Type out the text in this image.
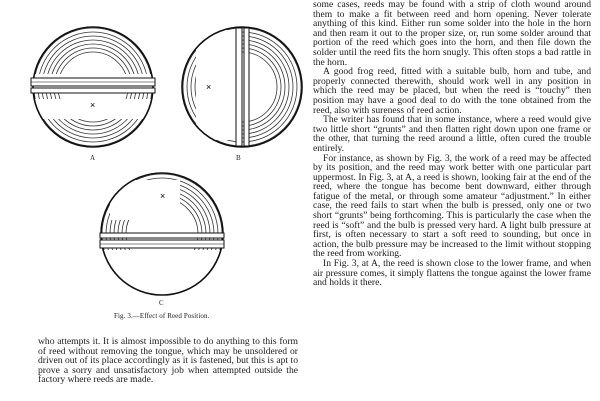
×
A
×
B
×
C
Fig. 3.—Effect of Reed Position.
who attempts it. It is almost impossible to do anything to this form of reed without removing the tongue, which may be unsoldered or driven out of its place accordingly as it is fastened, but this is apt to prove a sorry and unsatisfactory job when attempted outside the factory where reeds are made.

some cases, reeds may be found with a strip of cloth wound around them to make a fit between reed and horn opening. Never tolerate anything of this kind. Either run some solder into the hole in the horn and then ream it out to the proper size, or, run some solder around that portion of the reed which goes into the horn, and then file down the solder until the reed fits the horn snugly. This often stops a bad rattle in the horn.

A good frog reed, fitted with a suitable bulb, horn and tube, and properly connected therewith, should work well in any position in which the reed may be placed, but when the reed is “touchy” then position may have a good deal to do with the tone obtained from the reed, also with sureness of reed action.

The writer has found that in some instance, where a reed would give two little short “grunts” and then flatten right down upon one frame or the other, that turning the reed around a little, often cured the trouble entirely.

For instance, as shown by Fig. 3, the work of a reed may be affected by its position, and the reed may work better with one particular part uppermost. In Fig. 3, at A, a reed is shown, looking fair at the end of the reed, where the tongue has become bent downward, either through fatigue of the metal, or through some amateur “adjustment.” In either case, the reed fails to start when the bulb is pressed, only one or two short “grunts” being forthcoming. This is particularly the case when the reed is “soft” and the bulb is pressed very hard. A light bulb pressure at first, is often necessary to start a soft reed to sounding, but once in action, the bulb pressure may be increased to the limit without stopping the reed from working.

In Fig. 3, at A, the reed is shown close to the lower frame, and when air pressure comes, it simply flattens the tongue against the lower frame and holds it there.
